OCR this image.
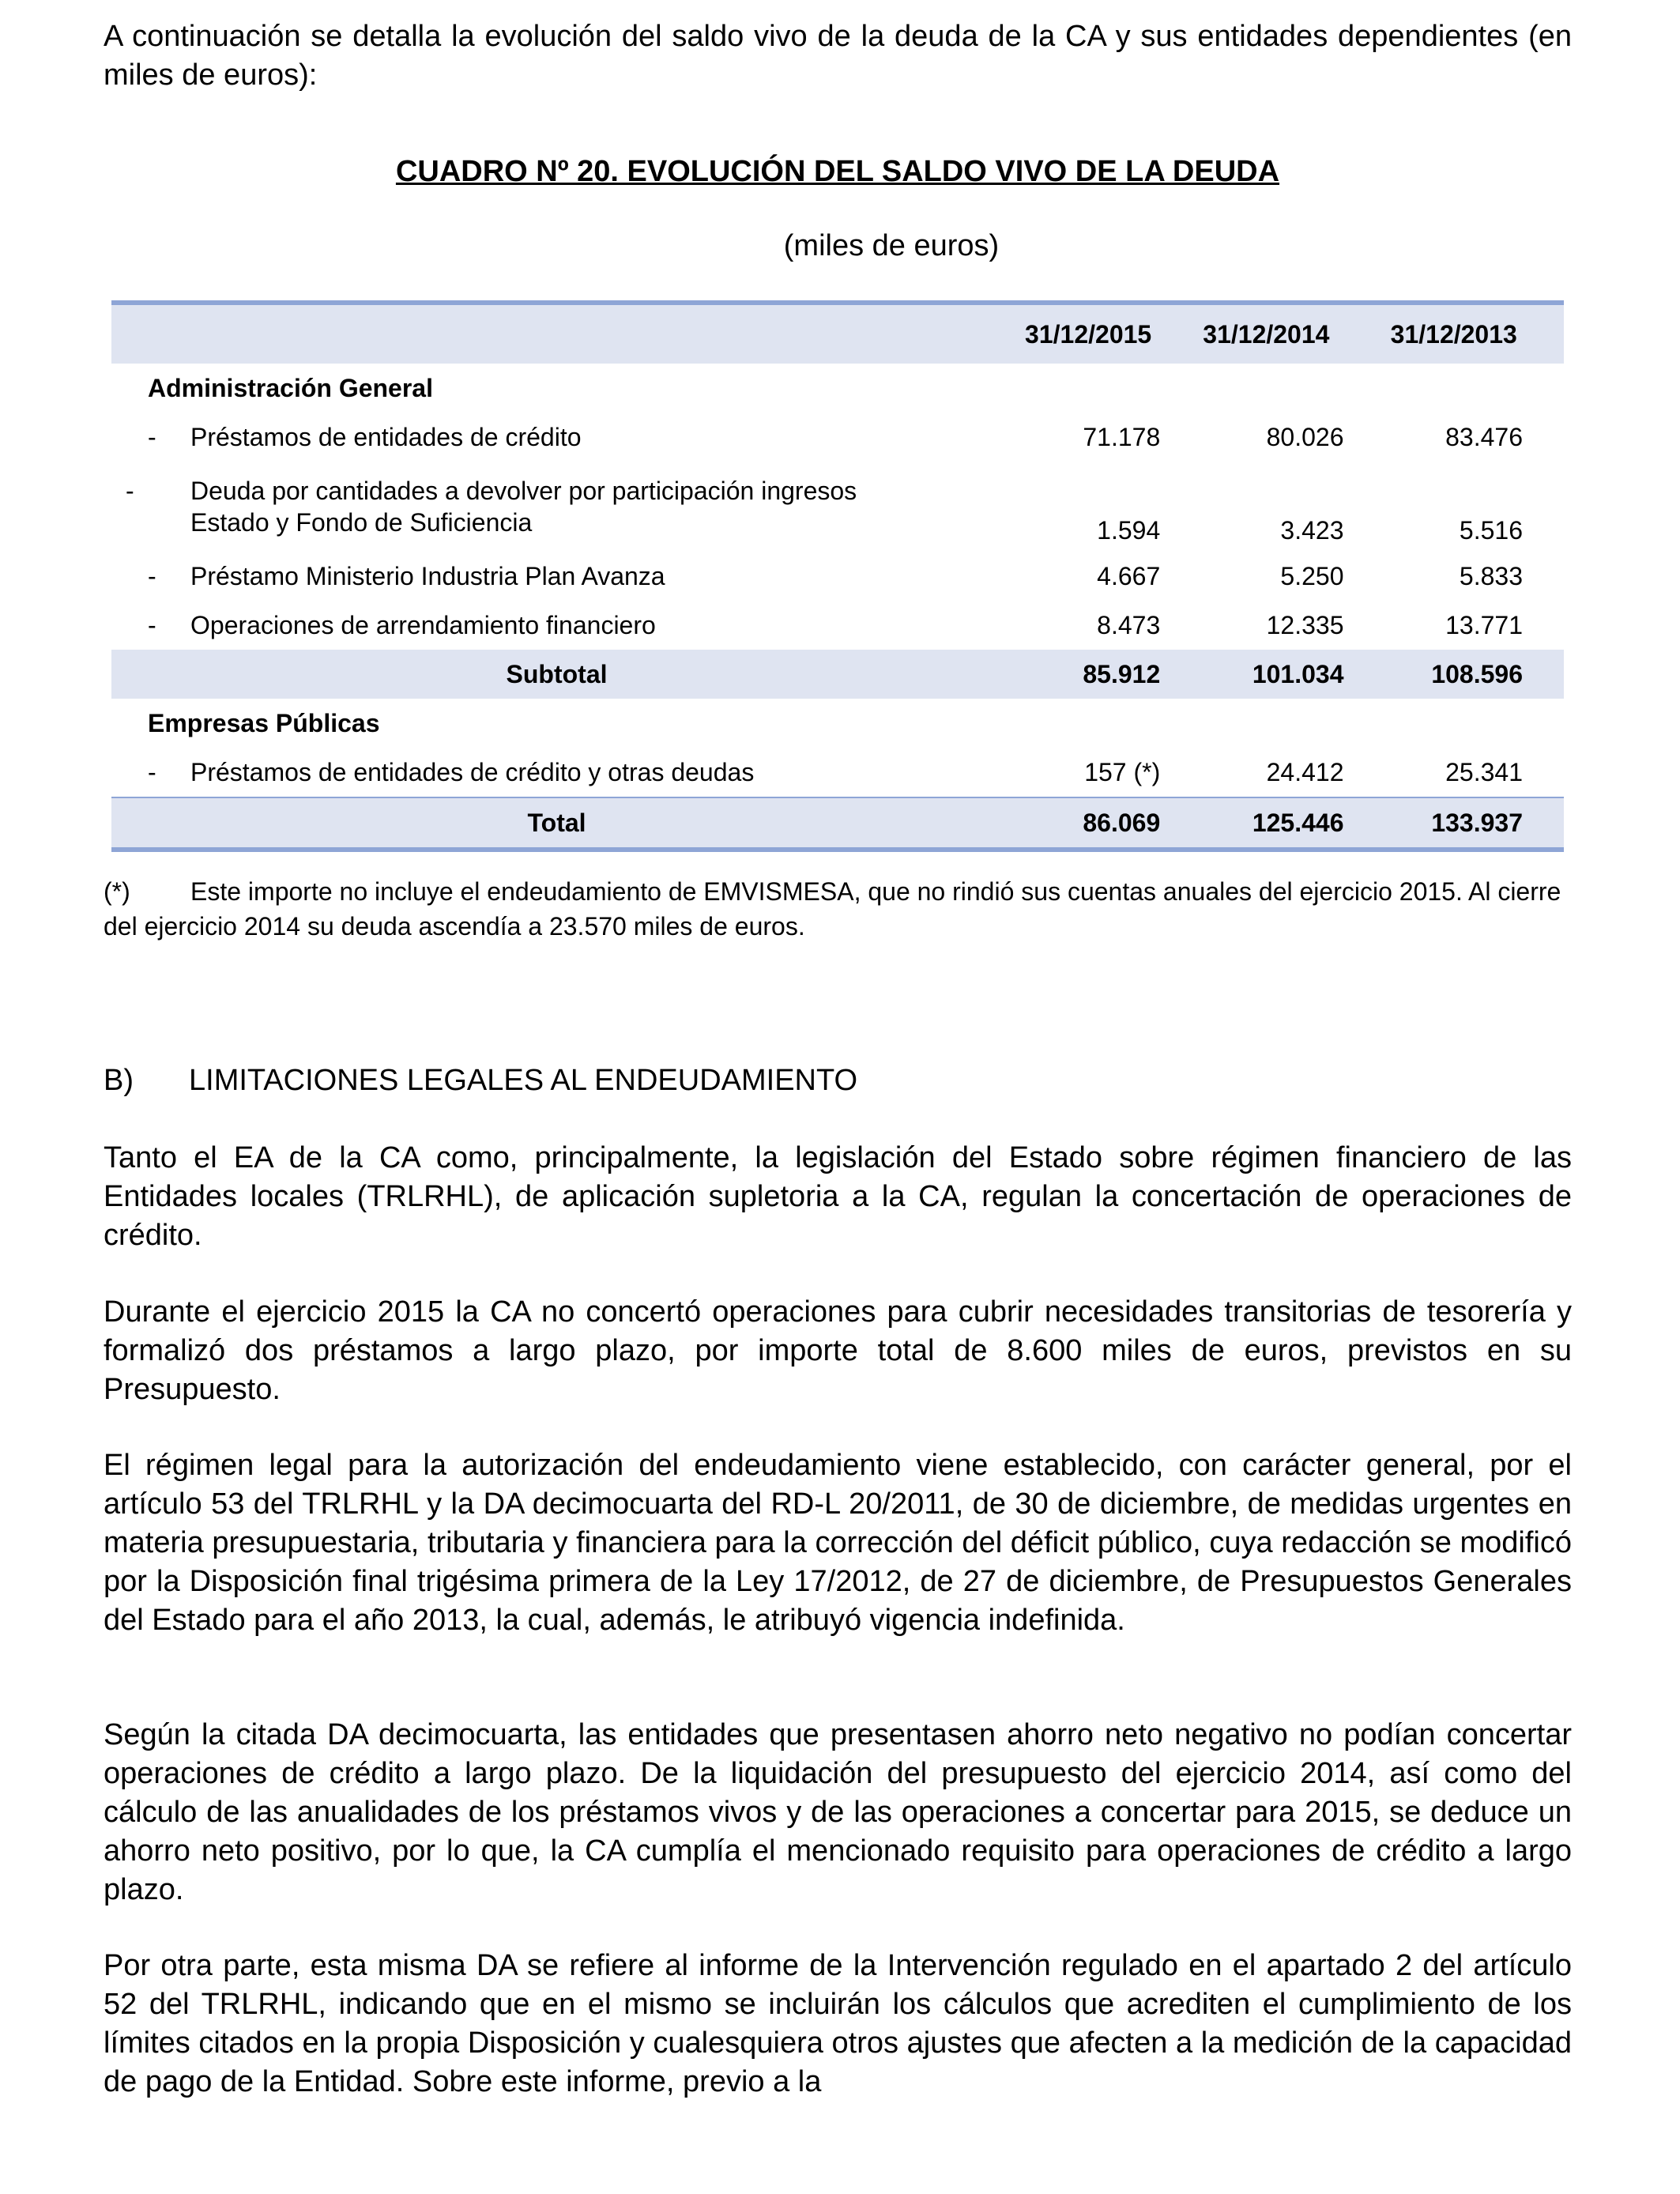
A continuación se detalla la evolución del saldo vivo de la deuda de la CA y sus entidades dependientes (en miles de euros):

CUADRO Nº 20. EVOLUCIÓN DEL SALDO VIVO DE LA DEUDA

(miles de euros)

	31/12/2015	31/12/2014	31/12/2013
Administración General			
- Préstamos de entidades de crédito	71.178	80.026	83.476
- Deuda por cantidades a devolver por participación ingresos
Estado y Fondo de Suficiencia	1.594	3.423	5.516
- Préstamo Ministerio Industria Plan Avanza	4.667	5.250	5.833
- Operaciones de arrendamiento financiero	8.473	12.335	13.771
Subtotal	85.912	101.034	108.596
Empresas Públicas			
- Préstamos de entidades de crédito y otras deudas	157 (*)	24.412	25.341
Total	86.069	125.446	133.937

(*) Este importe no incluye el endeudamiento de EMVISMESA, que no rindió sus cuentas anuales del ejercicio 2015. Al cierre del ejercicio 2014 su deuda ascendía a 23.570 miles de euros.

B) LIMITACIONES LEGALES AL ENDEUDAMIENTO

Tanto el EA de la CA como, principalmente, la legislación del Estado sobre régimen financiero de las Entidades locales (TRLRHL), de aplicación supletoria a la CA, regulan la concertación de operaciones de crédito.

Durante el ejercicio 2015 la CA no concertó operaciones para cubrir necesidades transitorias de tesorería y formalizó dos préstamos a largo plazo, por importe total de 8.600 miles de euros, previstos en su Presupuesto.

El régimen legal para la autorización del endeudamiento viene establecido, con carácter general, por el artículo 53 del TRLRHL y la DA decimocuarta del RD-L 20/2011, de 30 de diciembre, de medidas urgentes en materia presupuestaria, tributaria y financiera para la corrección del déficit público, cuya redacción se modificó por la Disposición final trigésima primera de la Ley 17/2012, de 27 de diciembre, de Presupuestos Generales del Estado para el año 2013, la cual, además, le atribuyó vigencia indefinida.

Según la citada DA decimocuarta, las entidades que presentasen ahorro neto negativo no podían concertar operaciones de crédito a largo plazo. De la liquidación del presupuesto del ejercicio 2014, así como del cálculo de las anualidades de los préstamos vivos y de las operaciones a concertar para 2015, se deduce un ahorro neto positivo, por lo que, la CA cumplía el mencionado requisito para operaciones de crédito a largo plazo.

Por otra parte, esta misma DA se refiere al informe de la Intervención regulado en el apartado 2 del artículo 52 del TRLRHL, indicando que en el mismo se incluirán los cálculos que acrediten el cumplimiento de los límites citados en la propia Disposición y cualesquiera otros ajustes que afecten a la medición de la capacidad de pago de la Entidad. Sobre este informe, previo a la
